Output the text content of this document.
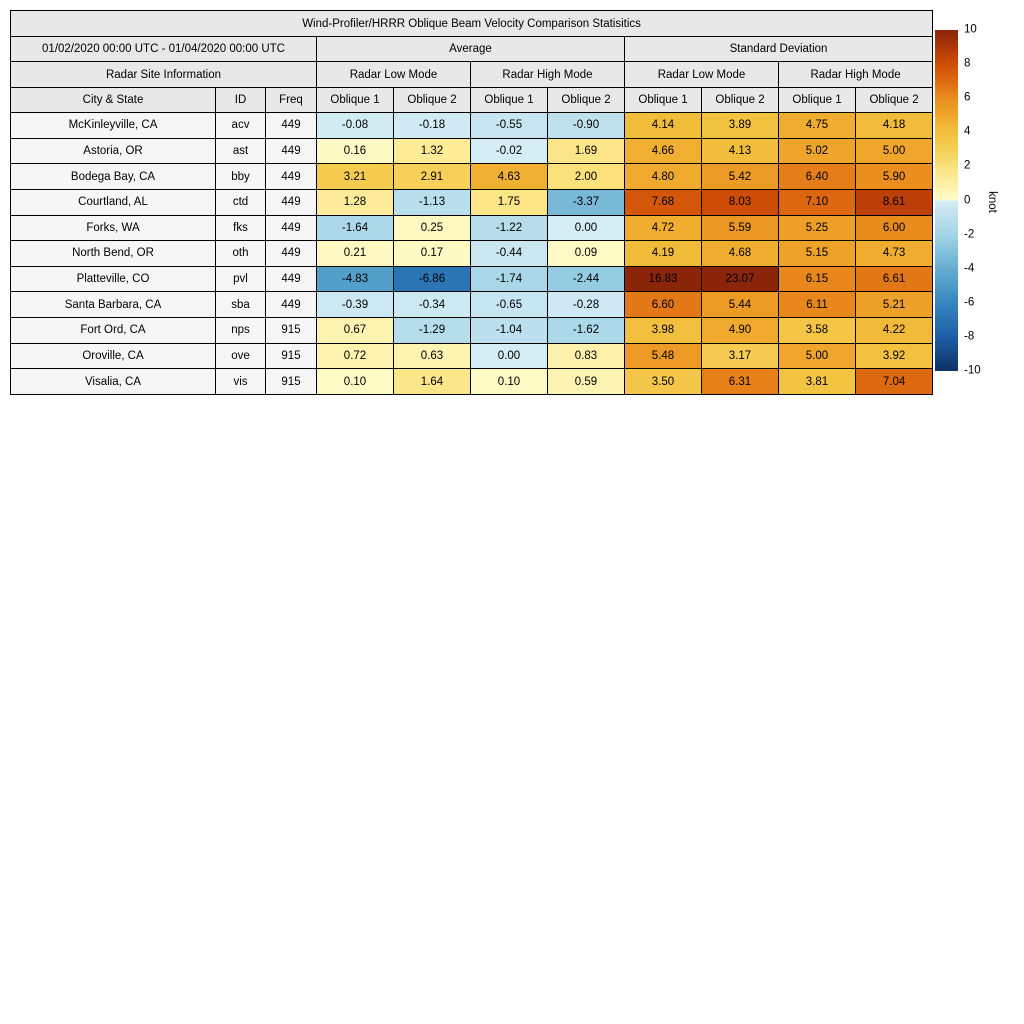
Wind-Profiler/HRRR Oblique Beam Velocity Comparison Statisitics										
01/02/2020 00:00 UTC - 01/04/2020 00:00 UTC			Average				Standard Deviation			
Radar Site Information			Radar Low Mode		Radar High Mode		Radar Low Mode		Radar High Mode	
City & State	ID	Freq	Oblique 1	Oblique 2	Oblique 1	Oblique 2	Oblique 1	Oblique 2	Oblique 1	Oblique 2
McKinleyville, CA	acv	449	-0.08	-0.18	-0.55	-0.90	4.14	3.89	4.75	4.18
Astoria, OR	ast	449	0.16	1.32	-0.02	1.69	4.66	4.13	5.02	5.00
Bodega Bay, CA	bby	449	3.21	2.91	4.63	2.00	4.80	5.42	6.40	5.90
Courtland, AL	ctd	449	1.28	-1.13	1.75	-3.37	7.68	8.03	7.10	8.61
Forks, WA	fks	449	-1.64	0.25	-1.22	0.00	4.72	5.59	5.25	6.00
North Bend, OR	oth	449	0.21	0.17	-0.44	0.09	4.19	4.68	5.15	4.73
Platteville, CO	pvl	449	-4.83	-6.86	-1.74	-2.44	16.83	23.07	6.15	6.61
Santa Barbara, CA	sba	449	-0.39	-0.34	-0.65	-0.28	6.60	5.44	6.11	5.21
Fort Ord, CA	nps	915	0.67	-1.29	-1.04	-1.62	3.98	4.90	3.58	4.22
Oroville, CA	ove	915	0.72	0.63	0.00	0.83	5.48	3.17	5.00	3.92
Visalia, CA	vis	915	0.10	1.64	0.10	0.59	3.50	6.31	3.81	7.04
10
8
6
4
2
0
-2
-4
-6
-8
-10
knot
